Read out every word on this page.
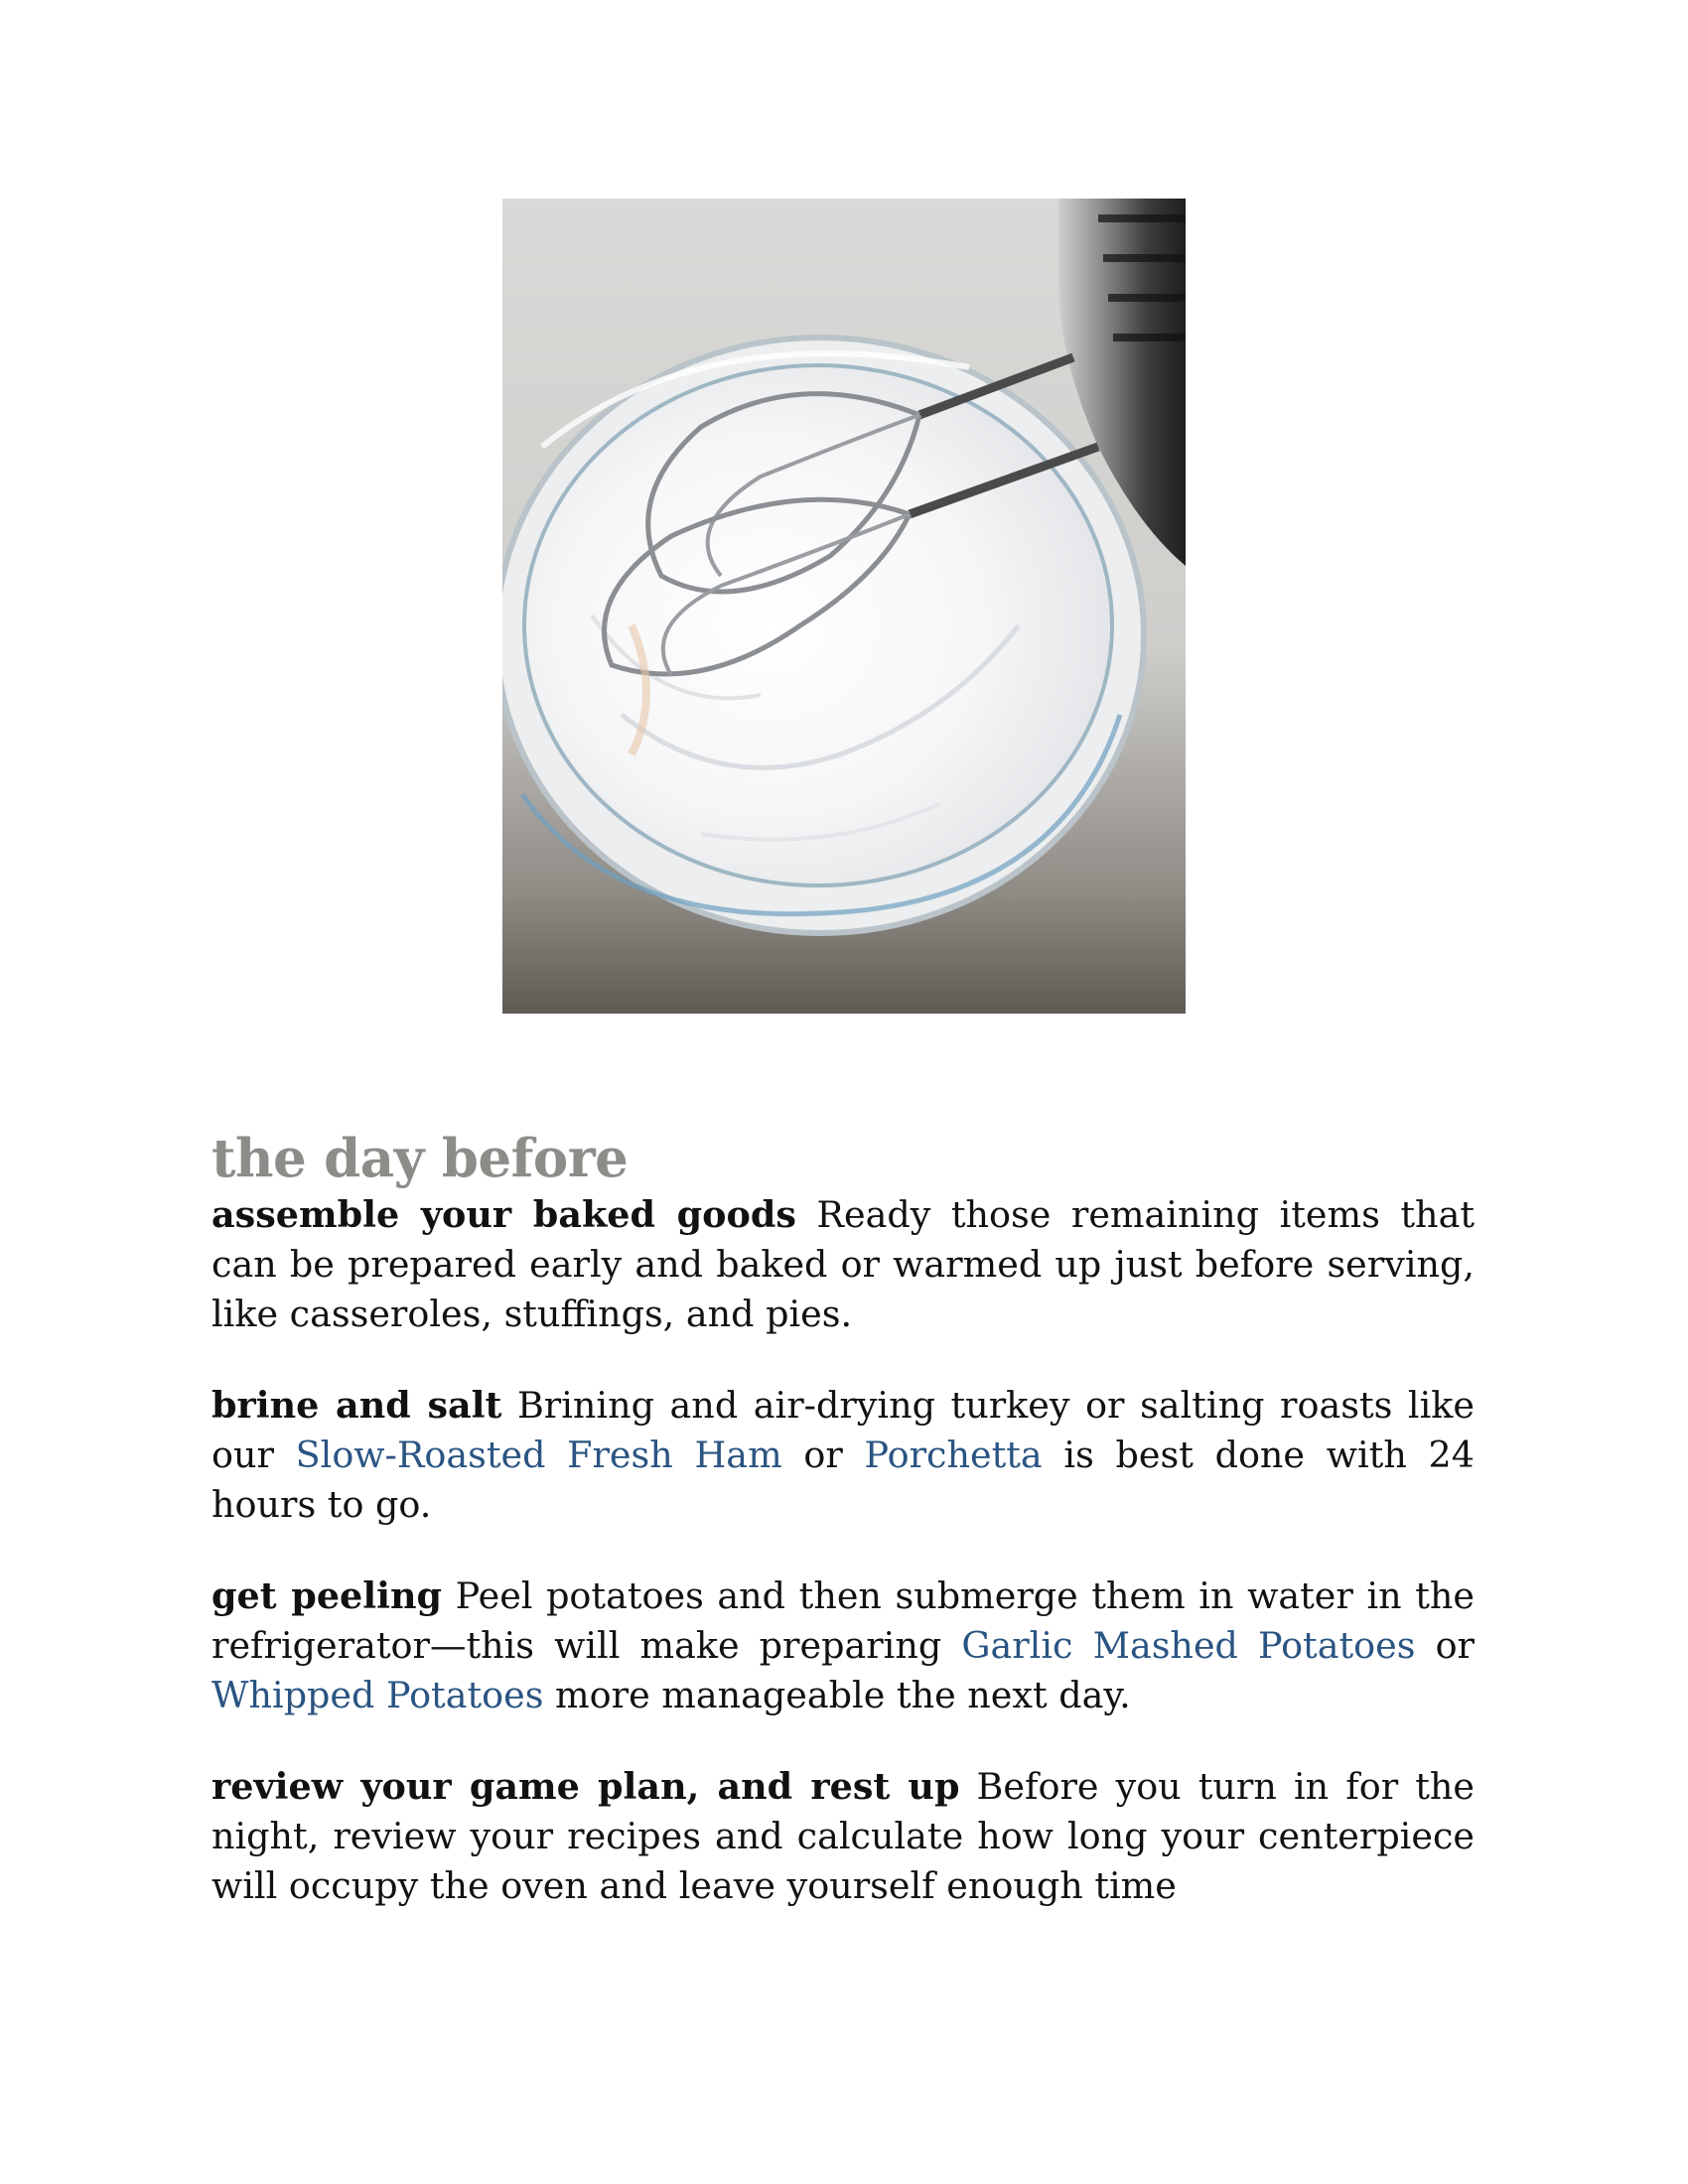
the day before

assemble your baked goods Ready those remaining items that can be prepared early and baked or warmed up just before serving, like casseroles, stuffings, and pies.

brine and salt Brining and air-drying turkey or salting roasts like our Slow-Roasted Fresh Ham or Porchetta is best done with 24 hours to go.

get peeling Peel potatoes and then submerge them in water in the refrigerator—this will make preparing Garlic Mashed Potatoes or Whipped Potatoes more manageable the next day.

review your game plan, and rest up Before you turn in for the night, review your recipes and calculate how long your centerpiece will occupy the oven and leave yourself enough time
